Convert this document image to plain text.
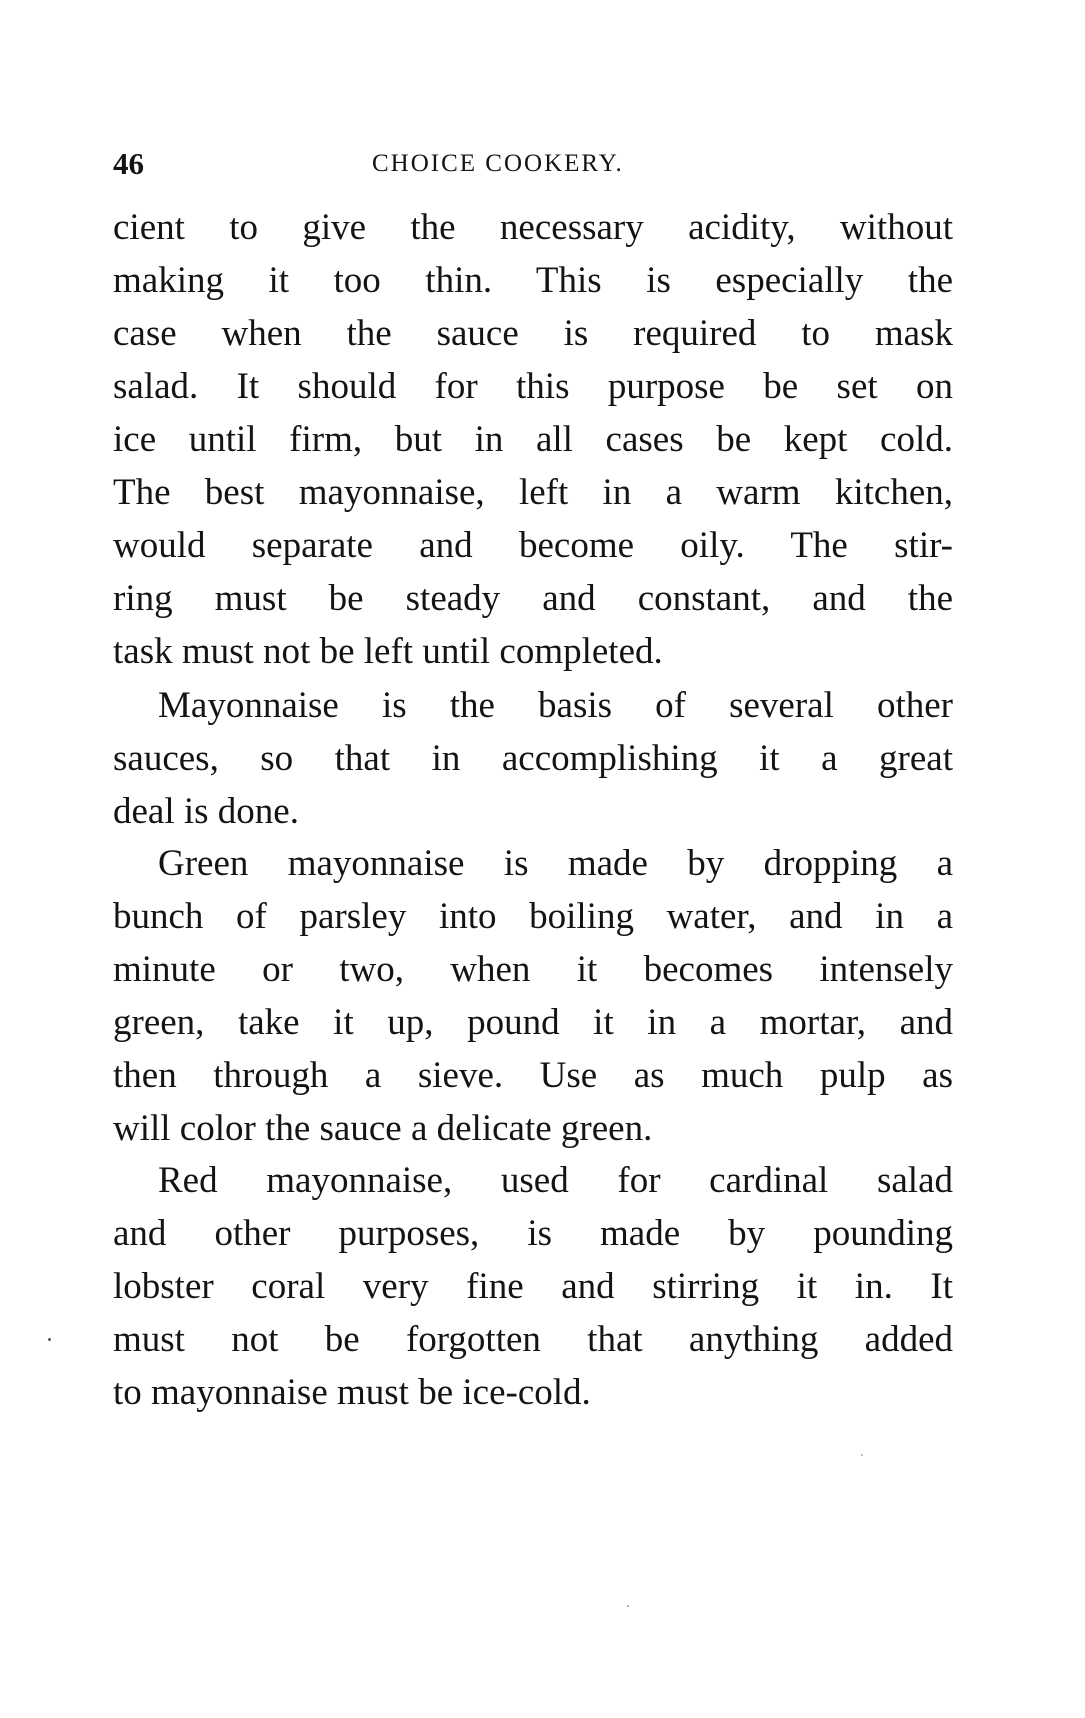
46	CHOICE COOKERY.
cient to give the necessary acidity, without
making it too thin. This is especially the
case when the sauce is required to mask
salad. It should for this purpose be set on
ice until firm, but in all cases be kept cold.
The best mayonnaise, left in a warm kitchen,
would separate and become oily. The stir-
ring must be steady and constant, and the
task must not be left until completed.
Mayonnaise is the basis of several other
sauces, so that in accomplishing it a great
deal is done.
Green mayonnaise is made by dropping a
bunch of parsley into boiling water, and in a
minute or two, when it becomes intensely
green, take it up, pound it in a mortar, and
then through a sieve. Use as much pulp as
will color the sauce a delicate green.
Red mayonnaise, used for cardinal salad
and other purposes, is made by pounding
lobster coral very fine and stirring it in. It
must not be forgotten that anything added
to mayonnaise must be ice-cold.
